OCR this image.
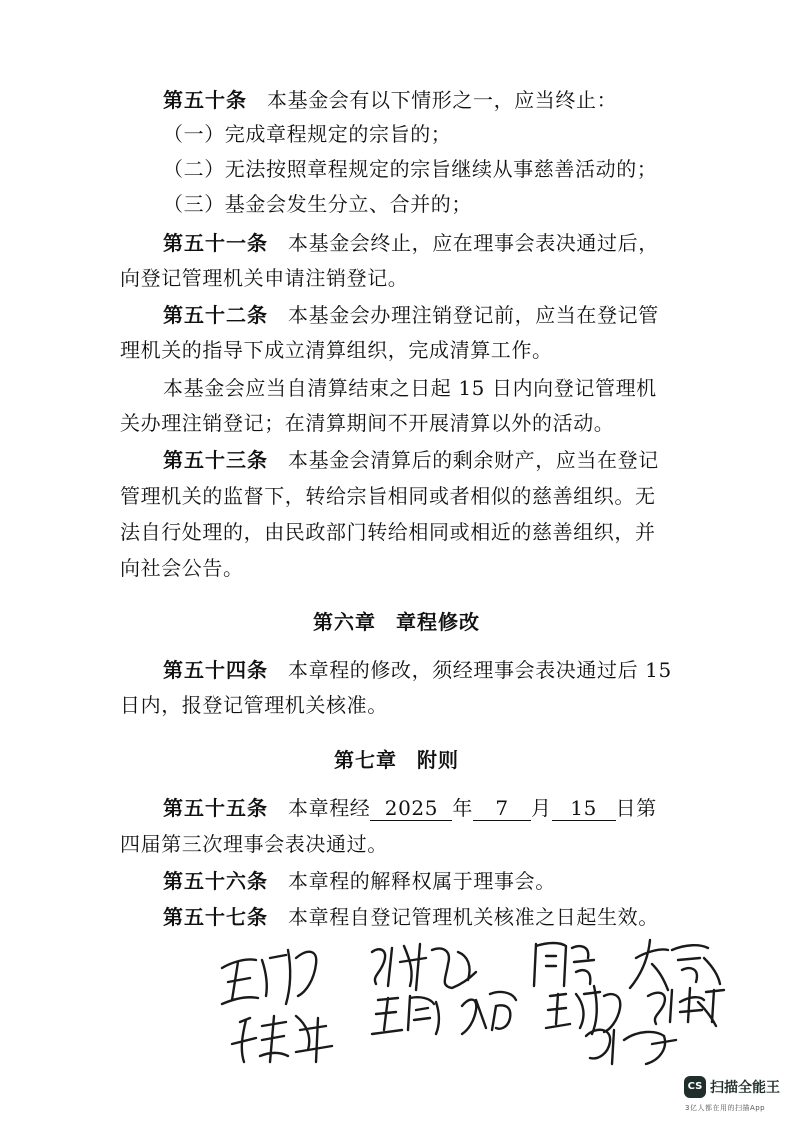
第五十条 本基金会有以下情形之一，应当终止：
（一）完成章程规定的宗旨的；
（二）无法按照章程规定的宗旨继续从事慈善活动的；
（三）基金会发生分立、合并的；
第五十一条 本基金会终止，应在理事会表决通过后，
向登记管理机关申请注销登记。
第五十二条 本基金会办理注销登记前，应当在登记管
理机关的指导下成立清算组织，完成清算工作。
本基金会应当自清算结束之日起 15 日内向登记管理机
关办理注销登记；在清算期间不开展清算以外的活动。
第五十三条 本基金会清算后的剩余财产，应当在登记
管理机关的监督下，转给宗旨相同或者相似的慈善组织。无
法自行处理的，由民政部门转给相同或相近的慈善组织，并
向社会公告。
第六章 章程修改
第五十四条 本章程的修改，须经理事会表决通过后 15
日内，报登记管理机关核准。
第七章 附则
第五十五条 本章程经 2025 年 7 月 15 日第
四届第三次理事会表决通过。
第五十六条 本章程的解释权属于理事会。
第五十七条 本章程自登记管理机关核准之日起生效。
CS 扫描全能王
3亿人都在用的扫描App
